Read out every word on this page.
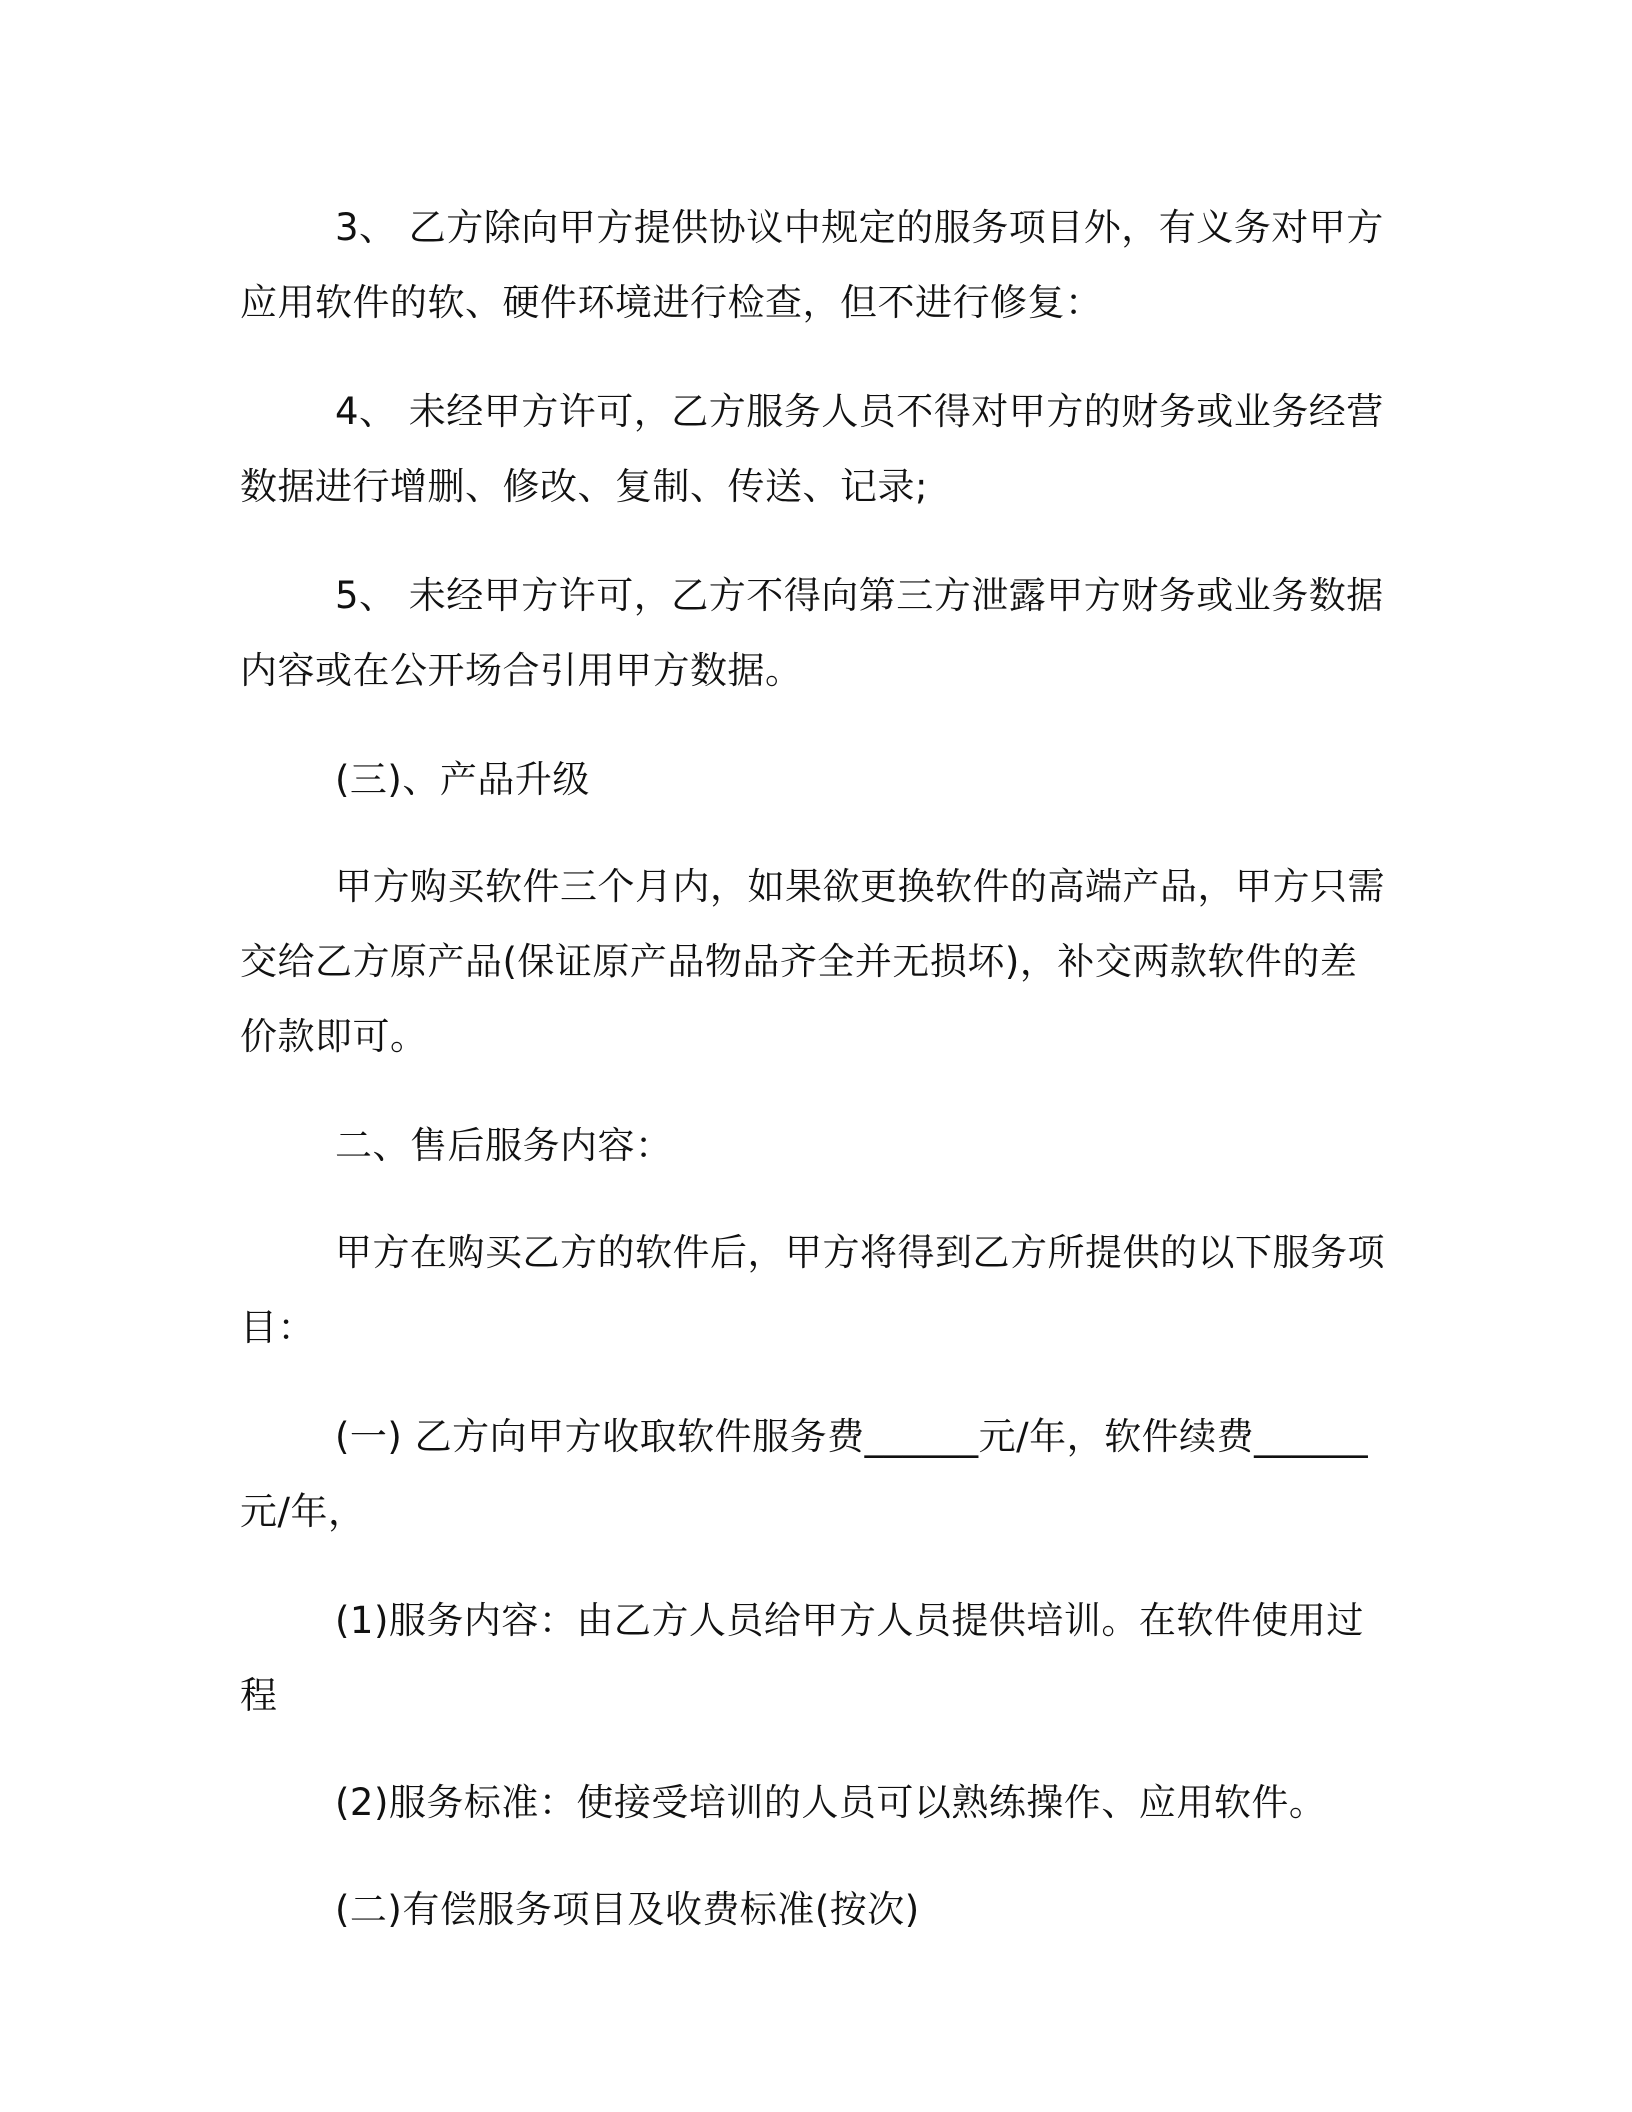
3、 乙方除向甲方提供协议中规定的服务项目外，有义务对甲方应用软件的软、硬件环境进行检查，但不进行修复：

4、 未经甲方许可，乙方服务人员不得对甲方的财务或业务经营数据进行增删、修改、复制、传送、记录;

5、 未经甲方许可，乙方不得向第三方泄露甲方财务或业务数据内容或在公开场合引用甲方数据。

(三)、产品升级

甲方购买软件三个月内，如果欲更换软件的高端产品，甲方只需交给乙方原产品(保证原产品物品齐全并无损坏)，补交两款软件的差价款即可。

二、售后服务内容：

甲方在购买乙方的软件后，甲方将得到乙方所提供的以下服务项目：

(一) 乙方向甲方收取软件服务费______元/年，软件续费______元/年，

(1)服务内容：由乙方人员给甲方人员提供培训。在软件使用过程

(2)服务标准：使接受培训的人员可以熟练操作、应用软件。

(二)有偿服务项目及收费标准(按次)
